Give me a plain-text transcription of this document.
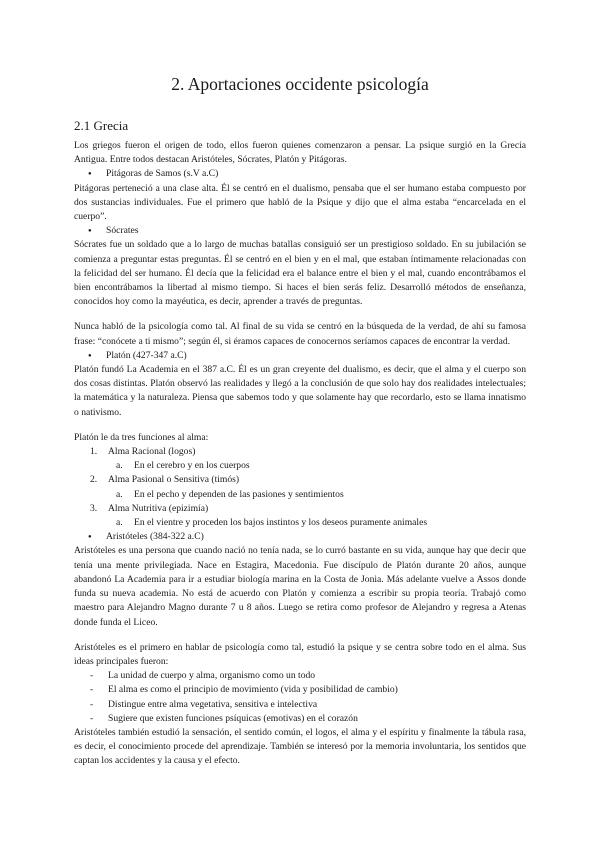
2. Aportaciones occidente psicología
2.1 Grecia

Los griegos fueron el origen de todo, ellos fueron quienes comenzaron a pensar. La psique surgió en la Grecia Antigua. Entre todos destacan Aristóteles, Sócrates, Platón y Pitágoras.

● Pitágoras de Samos (s.V a.C)

Pitágoras perteneció a una clase alta. Él se centró en el dualismo, pensaba que el ser humano estaba compuesto por dos sustancias individuales. Fue el primero que habló de la Psique y dijo que el alma estaba “encarcelada en el cuerpo”.

● Sócrates

Sócrates fue un soldado que a lo largo de muchas batallas consiguió ser un prestigioso soldado. En su jubilación se comienza a preguntar estas preguntas. Él se centró en el bien y en el mal, que estaban íntimamente relacionadas con la felicidad del ser humano. Él decía que la felicidad era el balance entre el bien y el mal, cuando encontrábamos el bien encontrábamos la libertad al mismo tiempo. Si haces el bien serás feliz. Desarrolló métodos de enseñanza, conocidos hoy como la mayéutica, es decir, aprender a través de preguntas.

Nunca habló de la psicología como tal. Al final de su vida se centró en la búsqueda de la verdad, de ahí su famosa frase: “conócete a ti mismo”; según él, si éramos capaces de conocernos seríamos capaces de encontrar la verdad.

● Platón (427-347 a.C)

Platón fundó La Academia en el 387 a.C. Él es un gran creyente del dualismo, es decir, que el alma y el cuerpo son dos cosas distintas. Platón observó las realidades y llegó a la conclusión de que solo hay dos realidades intelectuales; la matemática y la naturaleza. Piensa que sabemos todo y que solamente hay que recordarlo, esto se llama innatismo o nativismo.

Platón le da tres funciones al alma:

1. Alma Racional (logos)
a. En el cerebro y en los cuerpos
2. Alma Pasional o Sensitiva (timós)
a. En el pecho y dependen de las pasiones y sentimientos
3. Alma Nutritiva (epizimía)
a. En el vientre y proceden los bajos instintos y los deseos puramente animales
● Aristóteles (384-322 a.C)

Aristóteles es una persona que cuando nació no tenía nada, se lo curró bastante en su vida, aunque hay que decir que tenía una mente privilegiada. Nace en Estagira, Macedonia. Fue discípulo de Platón durante 20 años, aunque abandonó La Academia para ir a estudiar biología marina en la Costa de Jonia. Más adelante vuelve a Assos donde funda su nueva academia. No está de acuerdo con Platón y comienza a escribir su propia teoría. Trabajó como maestro para Alejandro Magno durante 7 u 8 años. Luego se retira como profesor de Alejandro y regresa a Atenas donde funda el Liceo.

Aristóteles es el primero en hablar de psicología como tal, estudió la psique y se centra sobre todo en el alma. Sus ideas principales fueron:

- La unidad de cuerpo y alma, organismo como un todo
- El alma es como el principio de movimiento (vida y posibilidad de cambio)
- Distingue entre alma vegetativa, sensitiva e intelectiva
- Sugiere que existen funciones psíquicas (emotivas) en el corazón

Aristóteles también estudió la sensación, el sentido común, el logos, el alma y el espíritu y finalmente la tábula rasa, es decir, el conocimiento procede del aprendizaje. También se interesó por la memoria involuntaria, los sentidos que captan los accidentes y la causa y el efecto.
